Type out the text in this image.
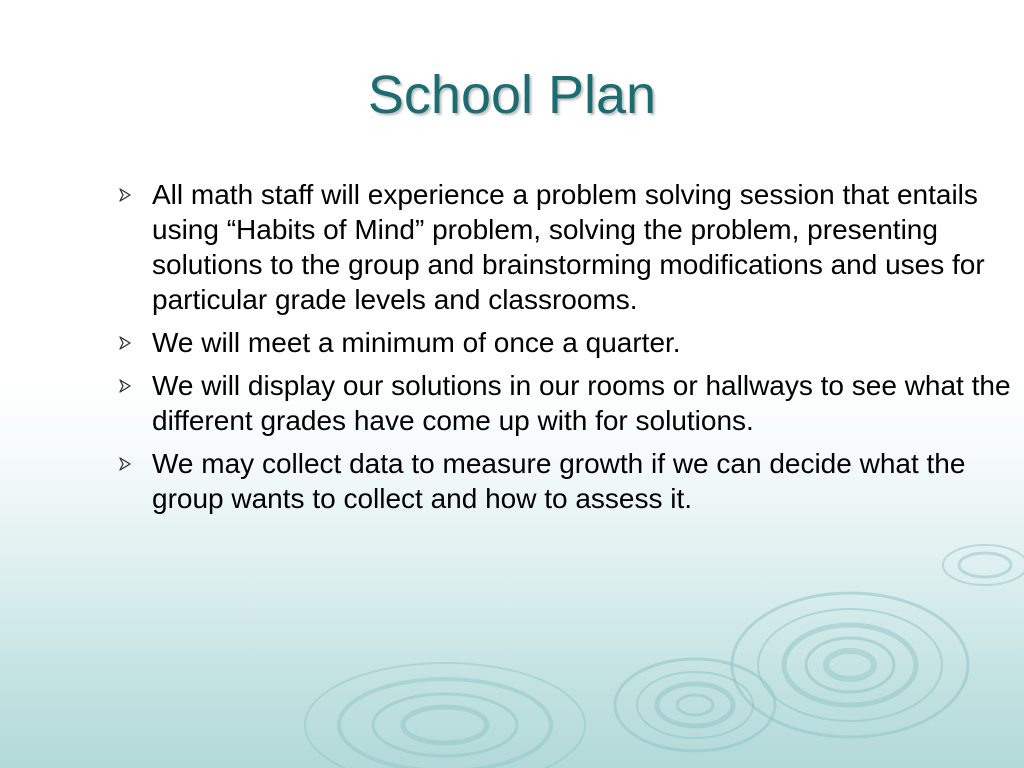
School Plan
All math staff will experience a problem solving session that entails using “Habits of Mind” problem, solving the problem, presenting solutions to the group and brainstorming modifications and uses for particular grade levels and classrooms.
We will meet a minimum of once a quarter.
We will display our solutions in our rooms or hallways to see what the different grades have come up with for solutions.
We may collect data to measure growth if we can decide what the group wants to collect and how to assess it.
